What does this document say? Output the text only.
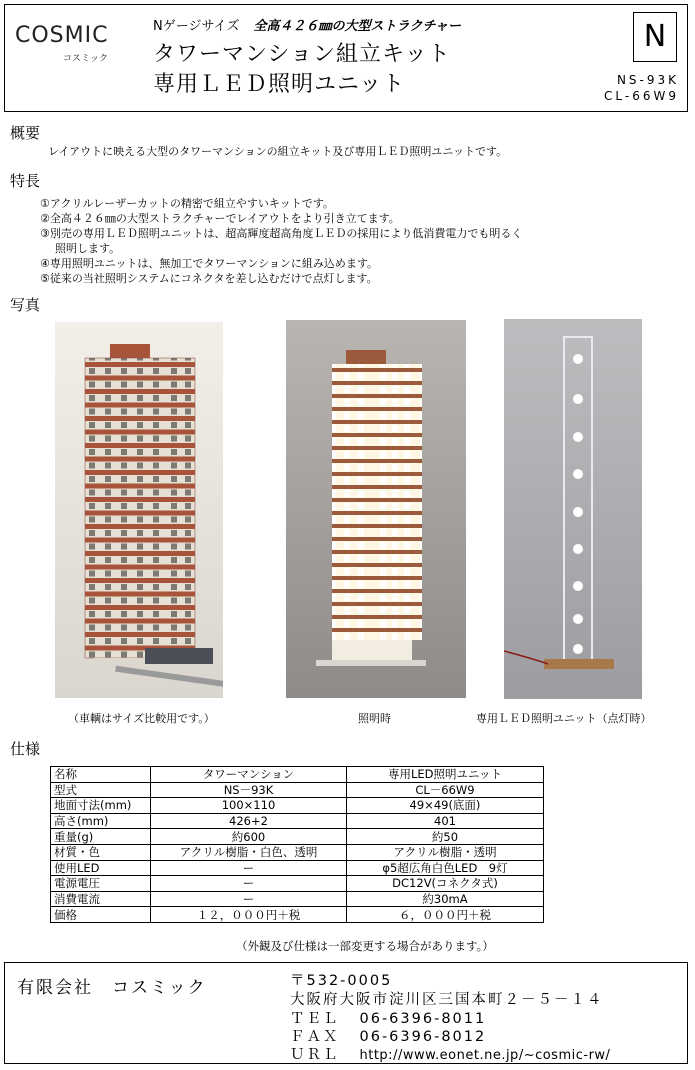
COSMIC
コスミック
Nゲージサイズ 全高４２６㎜の大型ストラクチャー
タワーマンション組立キット
専用ＬＥＤ照明ユニット
N
NS-93K
CL-66W9
概要
レイアウトに映える大型のタワーマンションの組立キット及び専用ＬＥＤ照明ユニットです。
特長
①アクリルレーザーカットの精密で組立やすいキットです。
②全高４２６㎜の大型ストラクチャーでレイアウトをより引き立てます。
③別売の専用ＬＥＤ照明ユニットは、超高輝度超高角度ＬＥＤの採用により低消費電力でも明るく
照明します。
④専用照明ユニットは、無加工でタワーマンションに組み込めます。
⑤従来の当社照明システムにコネクタを差し込むだけで点灯します。
写真
（車輌はサイズ比較用です。）	照明時	専用ＬＥＤ照明ユニット（点灯時）
仕様
名称	タワーマンション	専用LED照明ユニット
型式	NS－93K	CL－66W9
地面寸法(mm)	100×110	49×49(底面)
高さ(mm)	426+2	401
重量(g)	約600	約50
材質・色	アクリル樹脂・白色、透明	アクリル樹脂・透明
使用LED	ー	φ5超広角白色LED　9灯
電源電圧	ー	DC12V(コネクタ式)
消費電流	ー	約30mA
価格	１２，０００円＋税	６，０００円＋税
（外観及び仕様は一部変更する場合があります。）
有限会社　コスミック	〒532-0005
大阪府大阪市淀川区三国本町２－５－１４
ＴＥＬ 06-6396-8011
ＦＡＸ 06-6396-8012
ＵＲＬ http://www.eonet.ne.jp/~cosmic-rw/
